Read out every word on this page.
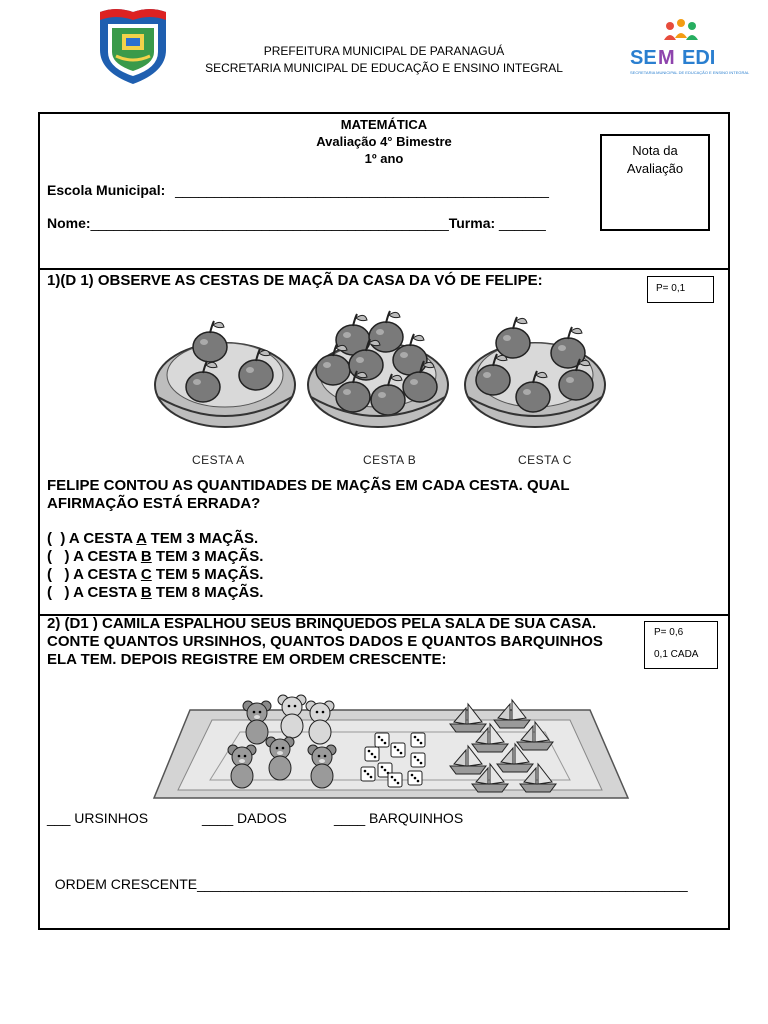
PREFEITURA MUNICIPAL DE PARANAGUÁ
SECRETARIA MUNICIPAL DE EDUCAÇÃO E ENSINO INTEGRAL	SE M EDI
SECRETARIA MUNICIPAL DE EDUCAÇÃO E ENSINO INTEGRAL
MATEMÁTICA
Avaliação 4° Bimestre
1º ano
Escola Municipal: ________________________________________________
Nome:______________________________________________Turma: ______
Nota da
Avaliação
1)(D 1) OBSERVE AS CESTAS DE MAÇÃ DA CASA DA VÓ DE FELIPE:	P= 0,1
CESTA A	CESTA B	CESTA C
FELIPE CONTOU AS QUANTIDADES DE MAÇÃS EM CADA CESTA. QUAL
AFIRMAÇÃO ESTÁ ERRADA?
(  ) A CESTA A TEM 3 MAÇÃS.
(   ) A CESTA B TEM 3 MAÇÃS.
(   ) A CESTA C TEM 5 MAÇÃS.
(   ) A CESTA B TEM 8 MAÇÃS.
2) (D1 ) CAMILA ESPALHOU SEUS BRINQUEDOS PELA SALA DE SUA CASA.
CONTE QUANTOS URSINHOS, QUANTOS DADOS E QUANTOS BARQUINHOS
ELA TEM. DEPOIS REGISTRE EM ORDEM CRESCENTE:
P= 0,6
0,1 CADA
___ URSINHOS	____ DADOS	____ BARQUINHOS

ORDEM CRESCENTE_______________________________________________________________
